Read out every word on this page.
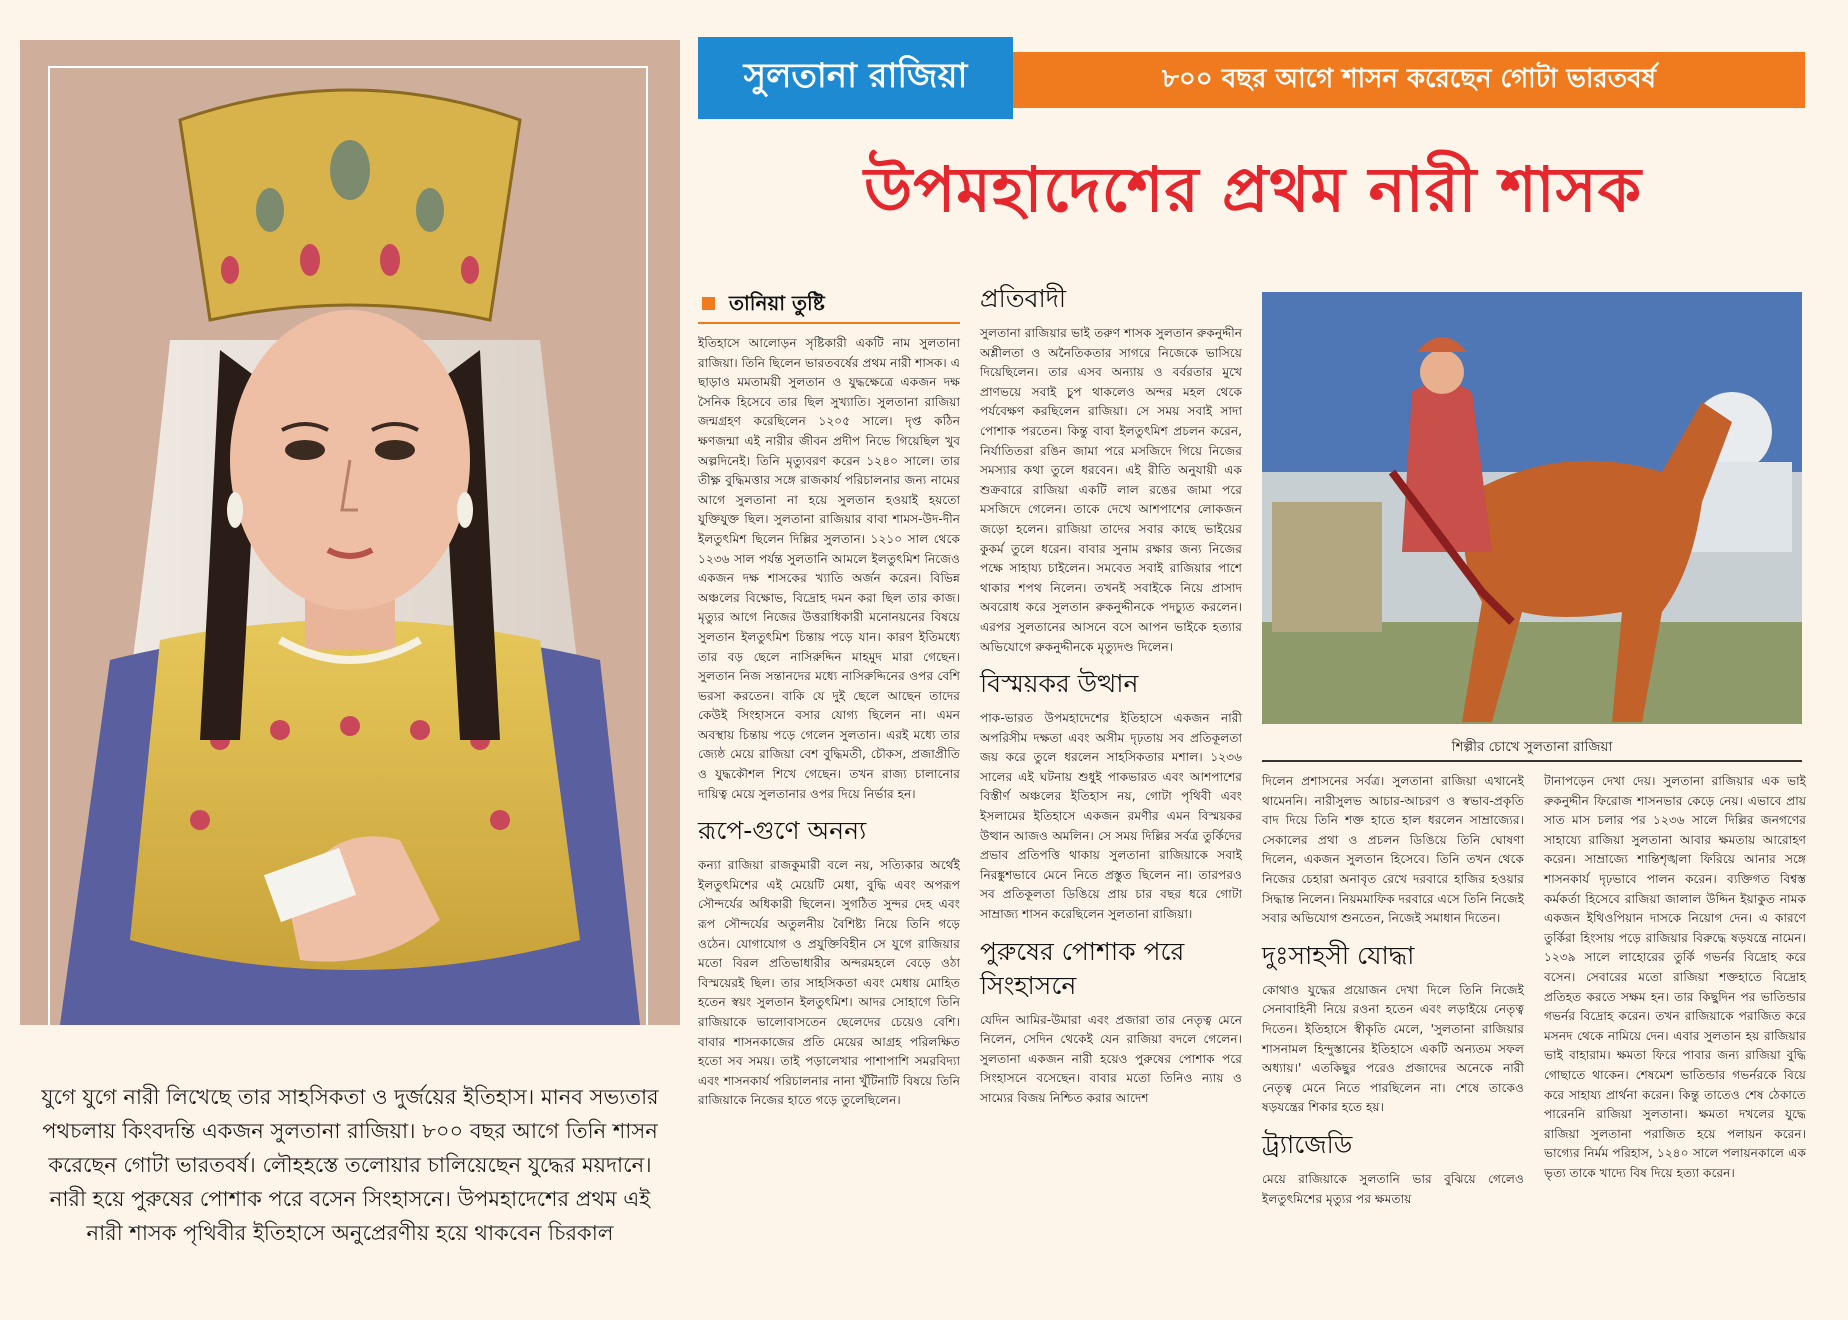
যুগে যুগে নারী লিখেছে তার সাহসিকতা ও দুর্জয়ের ইতিহাস। মানব সভ্যতার পথচলায় কিংবদন্তি একজন সুলতানা রাজিয়া। ৮০০ বছর আগে তিনি শাসন করেছেন গোটা ভারতবর্ষ। লৌহহস্তে তলোয়ার চালিয়েছেন যুদ্ধের ময়দানে। নারী হয়ে পুরুষের পোশাক পরে বসেন সিংহাসনে। উপমহাদেশের প্রথম এই নারী শাসক পৃথিবীর ইতিহাসে অনুপ্রেরণীয় হয়ে থাকবেন চিরকাল
সুলতানা রাজিয়া	৮০০ বছর আগে শাসন করেছেন গোটা ভারতবর্ষ
উপমহাদেশের প্রথম নারী শাসক
তানিয়া তুষ্টি

ইতিহাসে আলোড়ন সৃষ্টিকারী একটি নাম সুলতানা রাজিয়া। তিনি ছিলেন ভারতবর্ষের প্রথম নারী শাসক। এ ছাড়াও মমতাময়ী সুলতান ও যুদ্ধক্ষেত্রে একজন দক্ষ সৈনিক হিসেবে তার ছিল সুখ্যাতি। সুলতানা রাজিয়া জন্মগ্রহণ করেছিলেন ১২০৫ সালে। দৃপ্ত কঠিন ক্ষণজন্মা এই নারীর জীবন প্রদীপ নিভে গিয়েছিল খুব অল্পদিনেই। তিনি মৃত্যুবরণ করেন ১২৪০ সালে। তার তীক্ষ্ণ বুদ্ধিমত্তার সঙ্গে রাজকার্য পরিচালনার জন্য নামের আগে সুলতানা না হয়ে সুলতান হওয়াই হয়তো যুক্তিযুক্ত ছিল। সুলতানা রাজিয়ার বাবা শামস-উদ-দীন ইলতুৎমিশ ছিলেন দিল্লির সুলতান। ১২১০ সাল থেকে ১২৩৬ সাল পর্যন্ত সুলতানি আমলে ইলতুৎমিশ নিজেও একজন দক্ষ শাসকের খ্যাতি অর্জন করেন। বিভিন্ন অঞ্চলের বিক্ষোভ, বিদ্রোহ দমন করা ছিল তার কাজ। মৃত্যুর আগে নিজের উত্তরাধিকারী মনোনয়নের বিষয়ে সুলতান ইলতুৎমিশ চিন্তায় পড়ে যান। কারণ ইতিমধ্যে তার বড় ছেলে নাসিরুদ্দিন মাহমুদ মারা গেছেন। সুলতান নিজ সন্তানদের মধ্যে নাসিরুদ্দিনের ওপর বেশি ভরসা করতেন। বাকি যে দুই ছেলে আছেন তাদের কেউই সিংহাসনে বসার যোগ্য ছিলেন না। এমন অবস্থায় চিন্তায় পড়ে গেলেন সুলতান। এরই মধ্যে তার জ্যেষ্ঠ মেয়ে রাজিয়া বেশ বুদ্ধিমতী, চৌকস, প্রজাপ্রীতি ও যুদ্ধকৌশল শিখে গেছেন। তখন রাজ্য চালানোর দায়িত্ব মেয়ে সুলতানার ওপর দিয়ে নির্ভার হন।

রূপে-গুণে অনন্য

কন্যা রাজিয়া রাজকুমারী বলে নয়, সত্যিকার অর্থেই ইলতুৎমিশের এই মেয়েটি মেধা, বুদ্ধি এবং অপরূপ সৌন্দর্যের অধিকারী ছিলেন। সুগঠিত সুন্দর দেহ এবং রূপ সৌন্দর্যের অতুলনীয় বৈশিষ্ট্য নিয়ে তিনি গড়ে ওঠেন। যোগাযোগ ও প্রযুক্তিবিহীন সে যুগে রাজিয়ার মতো বিরল প্রতিভাধারীর অন্দরমহলে বেড়ে ওঠা বিস্ময়েরই ছিল। তার সাহসিকতা এবং মেধায় মোহিত হতেন স্বয়ং সুলতান ইলতুৎমিশ। আদর সোহাগে তিনি রাজিয়াকে ভালোবাসতেন ছেলেদের চেয়েও বেশি। বাবার শাসনকাজের প্রতি মেয়ের আগ্রহ পরিলক্ষিত হতো সব সময়। তাই পড়ালেখার পাশাপাশি সমরবিদ্যা এবং শাসনকার্য পরিচালনার নানা খুঁটিনাটি বিষয়ে তিনি রাজিয়াকে নিজের হাতে গড়ে তুলেছিলেন।

প্রতিবাদী

সুলতানা রাজিয়ার ভাই তরুণ শাসক সুলতান রুকনুদ্দীন অশ্লীলতা ও অনৈতিকতার সাগরে নিজেকে ভাসিয়ে দিয়েছিলেন। তার এসব অন্যায় ও বর্বরতার মুখে প্রাণভয়ে সবাই চুপ থাকলেও অন্দর মহল থেকে পর্যবেক্ষণ করছিলেন রাজিয়া। সে সময় সবাই সাদা পোশাক পরতেন। কিন্তু বাবা ইলতুৎমিশ প্রচলন করেন, নির্যাতিতরা রঙিন জামা পরে মসজিদে গিয়ে নিজের সমস্যার কথা তুলে ধরবেন। এই রীতি অনুযায়ী এক শুক্রবারে রাজিয়া একটি লাল রঙের জামা পরে মসজিদে গেলেন। তাকে দেখে আশপাশের লোকজন জড়ো হলেন। রাজিয়া তাদের সবার কাছে ভাইয়ের কুকর্ম তুলে ধরেন। বাবার সুনাম রক্ষার জন্য নিজের পক্ষে সাহায্য চাইলেন। সমবেত সবাই রাজিয়ার পাশে থাকার শপথ নিলেন। তখনই সবাইকে নিয়ে প্রাসাদ অবরোধ করে সুলতান রুকনুদ্দীনকে পদচ্যুত করলেন। এরপর সুলতানের আসনে বসে আপন ভাইকে হত্যার অভিযোগে রুকনুদ্দীনকে মৃত্যুদণ্ড দিলেন।

বিস্ময়কর উত্থান

পাক-ভারত উপমহাদেশের ইতিহাসে একজন নারী অপরিসীম দক্ষতা এবং অসীম দৃঢ়তায় সব প্রতিকূলতা জয় করে তুলে ধরলেন সাহসিকতার মশাল। ১২৩৬ সালের এই ঘটনায় শুধুই পাকভারত এবং আশপাশের বিস্তীর্ণ অঞ্চলের ইতিহাস নয়, গোটা পৃথিবী এবং ইসলামের ইতিহাসে একজন রমণীর এমন বিস্ময়কর উত্থান আজও অমলিন। সে সময় দিল্লির সর্বত্র তুর্কিদের প্রভাব প্রতিপত্তি থাকায় সুলতানা রাজিয়াকে সবাই নিরঙ্কুশভাবে মেনে নিতে প্রস্তুত ছিলেন না। তারপরও সব প্রতিকূলতা ডিঙিয়ে প্রায় চার বছর ধরে গোটা সাম্রাজ্য শাসন করেছিলেন সুলতানা রাজিয়া।

পুরুষের পোশাক পরে সিংহাসনে

যেদিন আমির-উমারা এবং প্রজারা তার নেতৃত্ব মেনে নিলেন, সেদিন থেকেই যেন রাজিয়া বদলে গেলেন। সুলতানা একজন নারী হয়েও পুরুষের পোশাক পরে সিংহাসনে বসেছেন। বাবার মতো তিনিও ন্যায় ও সাম্যের বিজয় নিশ্চিত করার আদেশ

শিল্পীর চোখে সুলতানা রাজিয়া

দিলেন প্রশাসনের সর্বত্র। সুলতানা রাজিয়া এখানেই থামেননি। নারীসুলভ আচার-আচরণ ও স্বভাব-প্রকৃতি বাদ দিয়ে তিনি শক্ত হাতে হাল ধরলেন সাম্রাজ্যের। সেকালের প্রথা ও প্রচলন ডিঙিয়ে তিনি ঘোষণা দিলেন, একজন সুলতান হিসেবে। তিনি তখন থেকে নিজের চেহারা অনাবৃত রেখে দরবারে হাজির হওয়ার সিদ্ধান্ত নিলেন। নিয়মমাফিক দরবারে এসে তিনি নিজেই সবার অভিযোগ শুনতেন, নিজেই সমাধান দিতেন।

দুঃসাহসী যোদ্ধা

কোথাও যুদ্ধের প্রয়োজন দেখা দিলে তিনি নিজেই সেনাবাহিনী নিয়ে রওনা হতেন এবং লড়াইয়ে নেতৃত্ব দিতেন। ইতিহাসে স্বীকৃতি মেলে, 'সুলতানা রাজিয়ার শাসনামল হিন্দুস্তানের ইতিহাসে একটি অন্যতম সফল অধ্যায়।' এতকিছুর পরেও প্রজাদের অনেকে নারী নেতৃত্ব মেনে নিতে পারছিলেন না। শেষে তাকেও ষড়যন্ত্রের শিকার হতে হয়।

ট্র্যাজেডি

মেয়ে রাজিয়াকে সুলতানি ভার বুঝিয়ে গেলেও ইলতুৎমিশের মৃত্যুর পর ক্ষমতায়

টানাপড়েন দেখা দেয়। সুলতানা রাজিয়ার এক ভাই রুকনুদ্দীন ফিরোজ শাসনভার কেড়ে নেয়। এভাবে প্রায় সাত মাস চলার পর ১২৩৬ সালে দিল্লির জনগণের সাহায্যে রাজিয়া সুলতানা আবার ক্ষমতায় আরোহণ করেন। সাম্রাজ্যে শান্তিশৃঙ্খলা ফিরিয়ে আনার সঙ্গে শাসনকার্য দৃঢ়ভাবে পালন করেন। ব্যক্তিগত বিশ্বস্ত কর্মকর্তা হিসেবে রাজিয়া জালাল উদ্দিন ইয়াকুত নামক একজন ইথিওপিয়ান দাসকে নিয়োগ দেন। এ কারণে তুর্কিরা হিংসায় পড়ে রাজিয়ার বিরুদ্ধে ষড়যন্ত্রে নামেন। ১২৩৯ সালে লাহোরের তুর্কি গভর্নর বিদ্রোহ করে বসেন। সেবারের মতো রাজিয়া শক্তহাতে বিদ্রোহ প্রতিহত করতে সক্ষম হন। তার কিছুদিন পর ভাতিন্ডার গভর্নর বিদ্রোহ করেন। তখন রাজিয়াকে পরাজিত করে মসনদ থেকে নামিয়ে দেন। এবার সুলতান হয় রাজিয়ার ভাই বাহারাম। ক্ষমতা ফিরে পাবার জন্য রাজিয়া বুদ্ধি গোছাতে থাকেন। শেষমেশ ভাতিন্ডার গভর্নরকে বিয়ে করে সাহায্য প্রার্থনা করেন। কিন্তু তাতেও শেষ ঠেকাতে পারেননি রাজিয়া সুলতানা। ক্ষমতা দখলের যুদ্ধে রাজিয়া সুলতানা পরাজিত হয়ে পলায়ন করেন। ভাগ্যের নির্মম পরিহাস, ১২৪০ সালে পলায়নকালে এক ভৃত্য তাকে খাদ্যে বিষ দিয়ে হত্যা করেন।
